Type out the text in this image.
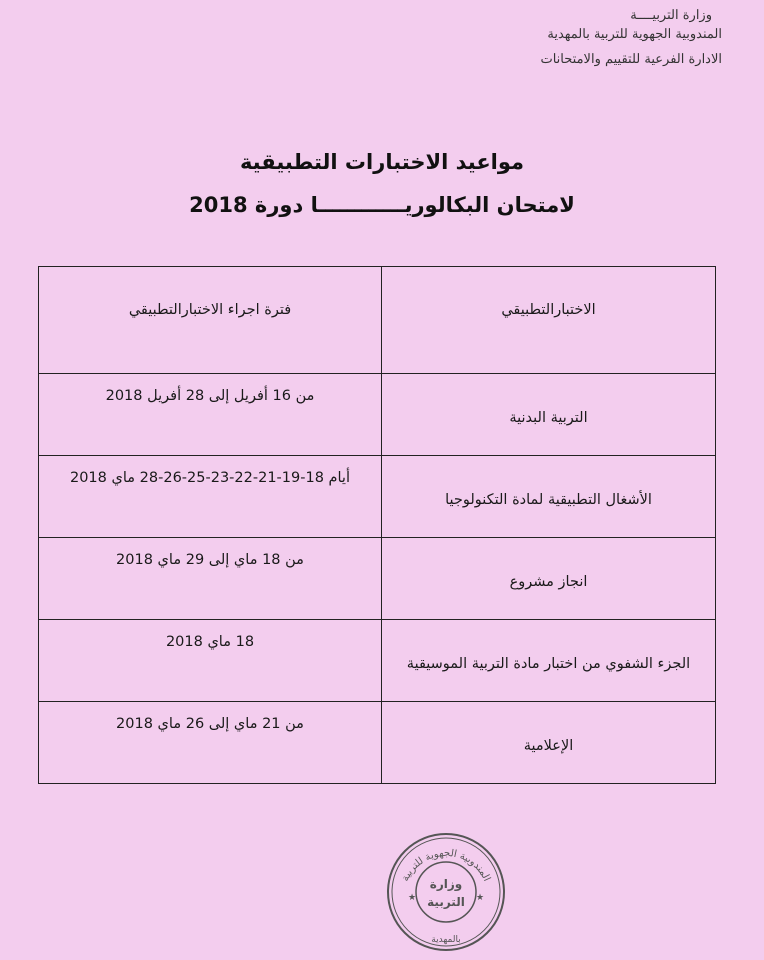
وزارة التربيــــة
المندوبية الجهوية للتربية بالمهدية
الادارة الفرعية للتقييم والامتحانات
مواعيد الاختبارات التطبيقية
لامتحان البكالوريــــــــــــا دورة 2018
الاختبارالتطبيقي	فترة اجراء الاختبارالتطبيقي

التربية البدنية	من 16 أفريل إلى 28 أفريل 2018

الأشغال التطبيقية لمادة التكنولوجيا	أيام 18-19-21-22-23-25-26-28 ماي 2018

انجاز مشروع	من 18 ماي إلى 29 ماي 2018

الجزء الشفوي من اختبار مادة التربية الموسيقية	18 ماي 2018

الإعلامية	من 21 ماي إلى 26 ماي 2018
المندوبية الجهوية للتربية
بالمهدية
وزارة
التربية
★	★
